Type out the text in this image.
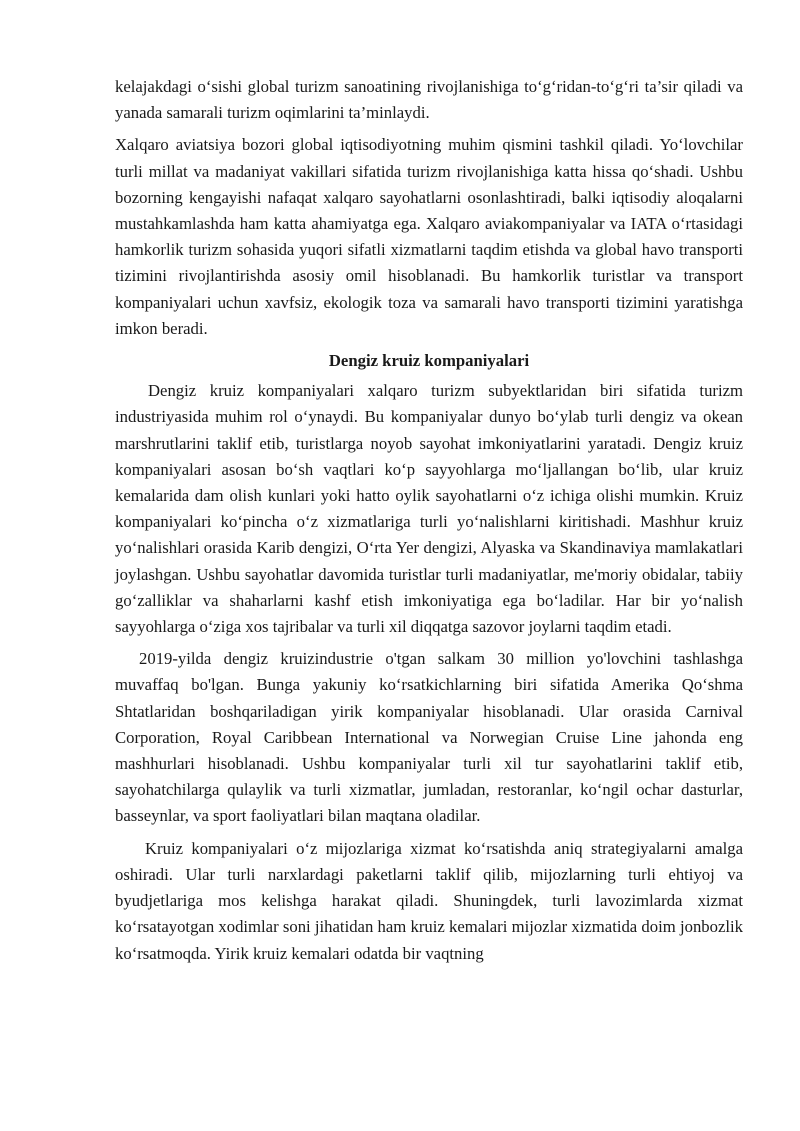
kelajakdagi o‘sishi global turizm sanoatining rivojlanishiga to‘g‘ridan-to‘g‘ri ta’sir qiladi va yanada samarali turizm oqimlarini ta’minlaydi.

Xalqaro aviatsiya bozori global iqtisodiyotning muhim qismini tashkil qiladi. Yo‘lovchilar turli millat va madaniyat vakillari sifatida turizm rivojlanishiga katta hissa qo‘shadi. Ushbu bozorning kengayishi nafaqat xalqaro sayohatlarni osonlashtiradi, balki iqtisodiy aloqalarni mustahkamlashda ham katta ahamiyatga ega. Xalqaro aviakompaniyalar va IATA o‘rtasidagi hamkorlik turizm sohasida yuqori sifatli xizmatlarni taqdim etishda va global havo transporti tizimini rivojlantirishda asosiy omil hisoblanadi. Bu hamkorlik turistlar va transport kompaniyalari uchun xavfsiz, ekologik toza va samarali havo transporti tizimini yaratishga imkon beradi.

Dengiz kruiz kompaniyalari

Dengiz kruiz kompaniyalari xalqaro turizm subyektlaridan biri sifatida turizm industriyasida muhim rol o‘ynaydi. Bu kompaniyalar dunyo bo‘ylab turli dengiz va okean marshrutlarini taklif etib, turistlarga noyob sayohat imkoniyatlarini yaratadi. Dengiz kruiz kompaniyalari asosan bo‘sh vaqtlari ko‘p sayyohlarga mo‘ljallangan bo‘lib, ular kruiz kemalarida dam olish kunlari yoki hatto oylik sayohatlarni o‘z ichiga olishi mumkin. Kruiz kompaniyalari ko‘pincha o‘z xizmatlariga turli yo‘nalishlarni kiritishadi. Mashhur kruiz yo‘nalishlari orasida Karib dengizi, O‘rta Yer dengizi, Alyaska va Skandinaviya mamlakatlari joylashgan. Ushbu sayohatlar davomida turistlar turli madaniyatlar, me'moriy obidalar, tabiiy go‘zalliklar va shaharlarni kashf etish imkoniyatiga ega bo‘ladilar. Har bir yo‘nalish sayyohlarga o‘ziga xos tajribalar va turli xil diqqatga sazovor joylarni taqdim etadi.

2019-yilda dengiz kruizindustrie o'tgan salkam 30 million yo'lovchini tashlashga muvaffaq bo'lgan. Bunga yakuniy ko‘rsatkichlarning biri sifatida Amerika Qo‘shma Shtatlaridan boshqariladigan yirik kompaniyalar hisoblanadi. Ular orasida Carnival Corporation, Royal Caribbean International va Norwegian Cruise Line jahonda eng mashhurlari hisoblanadi. Ushbu kompaniyalar turli xil tur sayohatlarini taklif etib, sayohatchilarga qulaylik va turli xizmatlar, jumladan, restoranlar, ko‘ngil ochar dasturlar, basseynlar, va sport faoliyatlari bilan maqtana oladilar.

Kruiz kompaniyalari o‘z mijozlariga xizmat ko‘rsatishda aniq strategiyalarni amalga oshiradi. Ular turli narxlardagi paketlarni taklif qilib, mijozlarning turli ehtiyoj va byudjetlariga mos kelishga harakat qiladi. Shuningdek, turli lavozimlarda xizmat ko‘rsatayotgan xodimlar soni jihatidan ham kruiz kemalari mijozlar xizmatida doim jonbozlik ko‘rsatmoqda. Yirik kruiz kemalari odatda bir vaqtning
